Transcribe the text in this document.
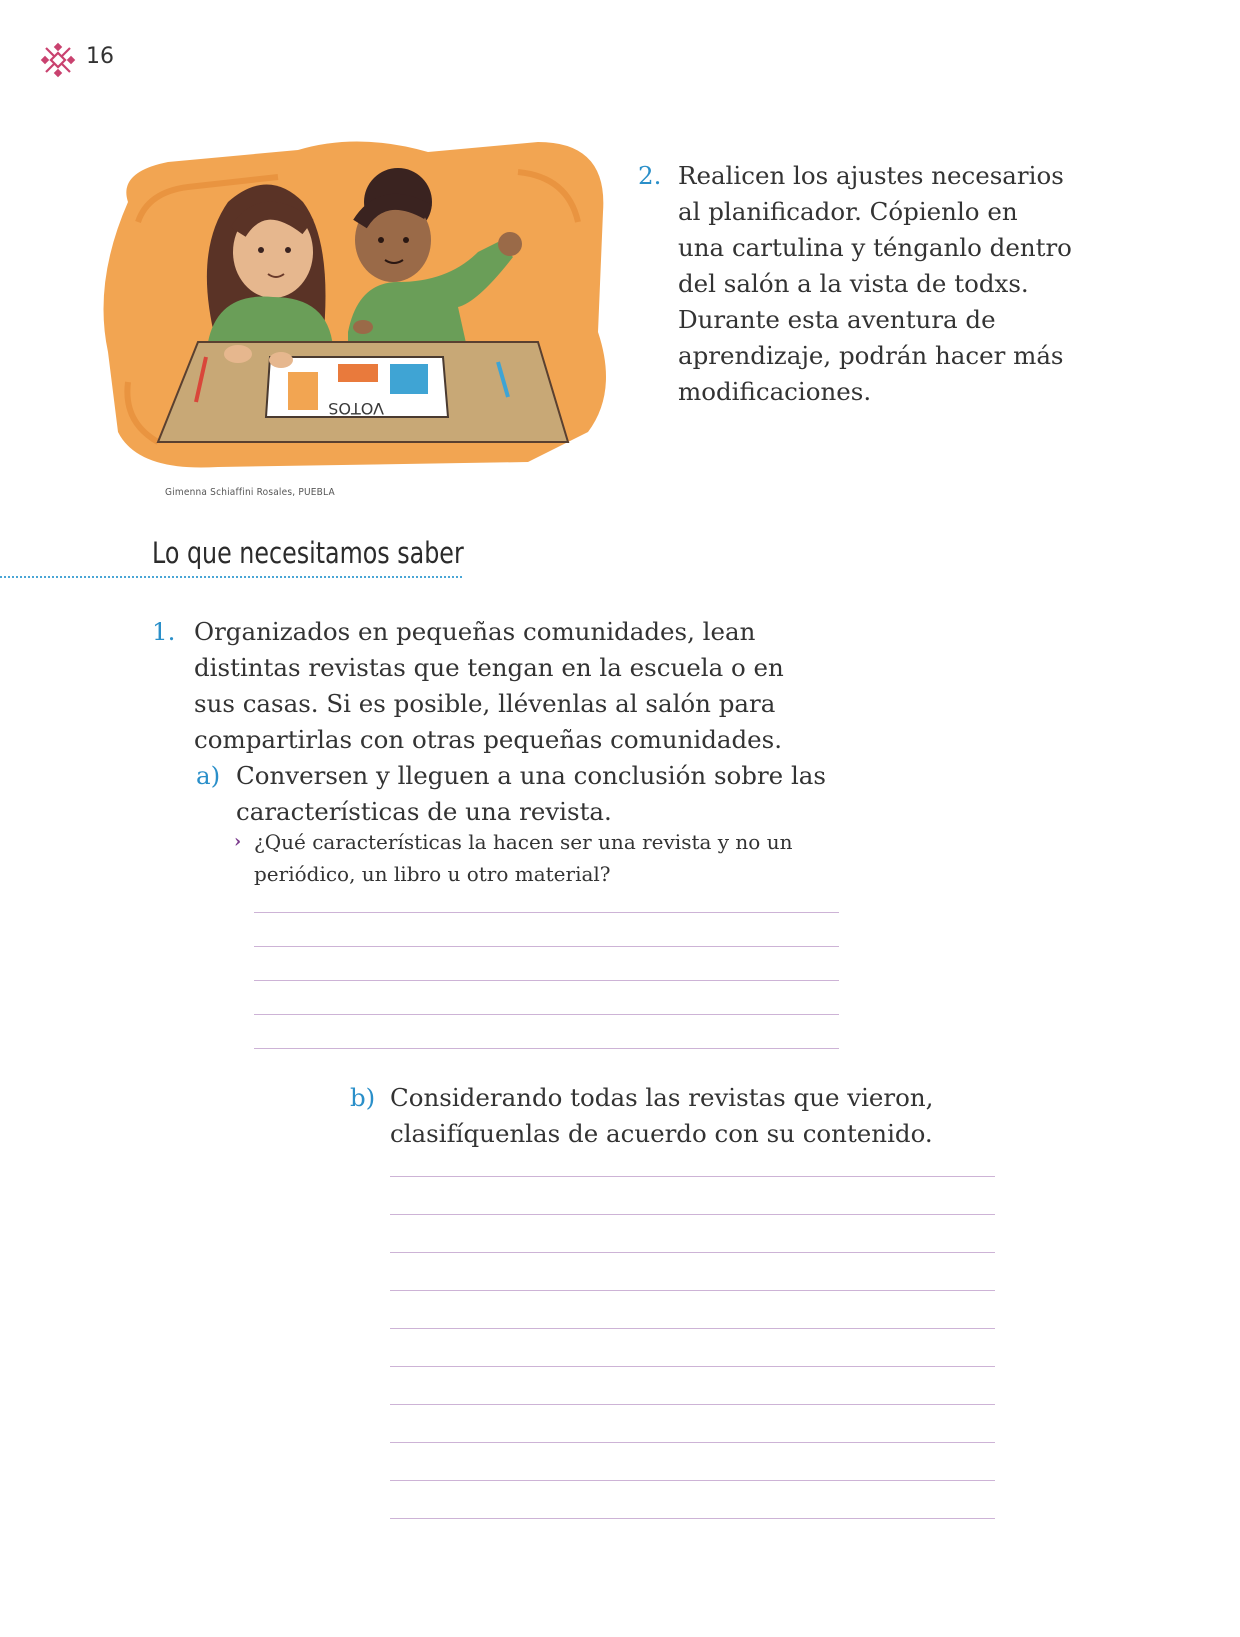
16
VOTOS
Gimenna Schiaffini Rosales, PUEBLA
2. Realicen los ajustes necesarios
al planificador. Cópienlo en
una cartulina y ténganlo dentro
del salón a la vista de todxs.
Durante esta aventura de
aprendizaje, podrán hacer más
modificaciones.
Lo que necesitamos saber
1. Organizados en pequeñas comunidades, lean
distintas revistas que tengan en la escuela o en
sus casas. Si es posible, llévenlas al salón para
compartirlas con otras pequeñas comunidades.
a) Conversen y lleguen a una conclusión sobre las
características de una revista.
› ¿Qué características la hacen ser una revista y no un
periódico, un libro u otro material?
b) Considerando todas las revistas que vieron,
clasifíquenlas de acuerdo con su contenido.
